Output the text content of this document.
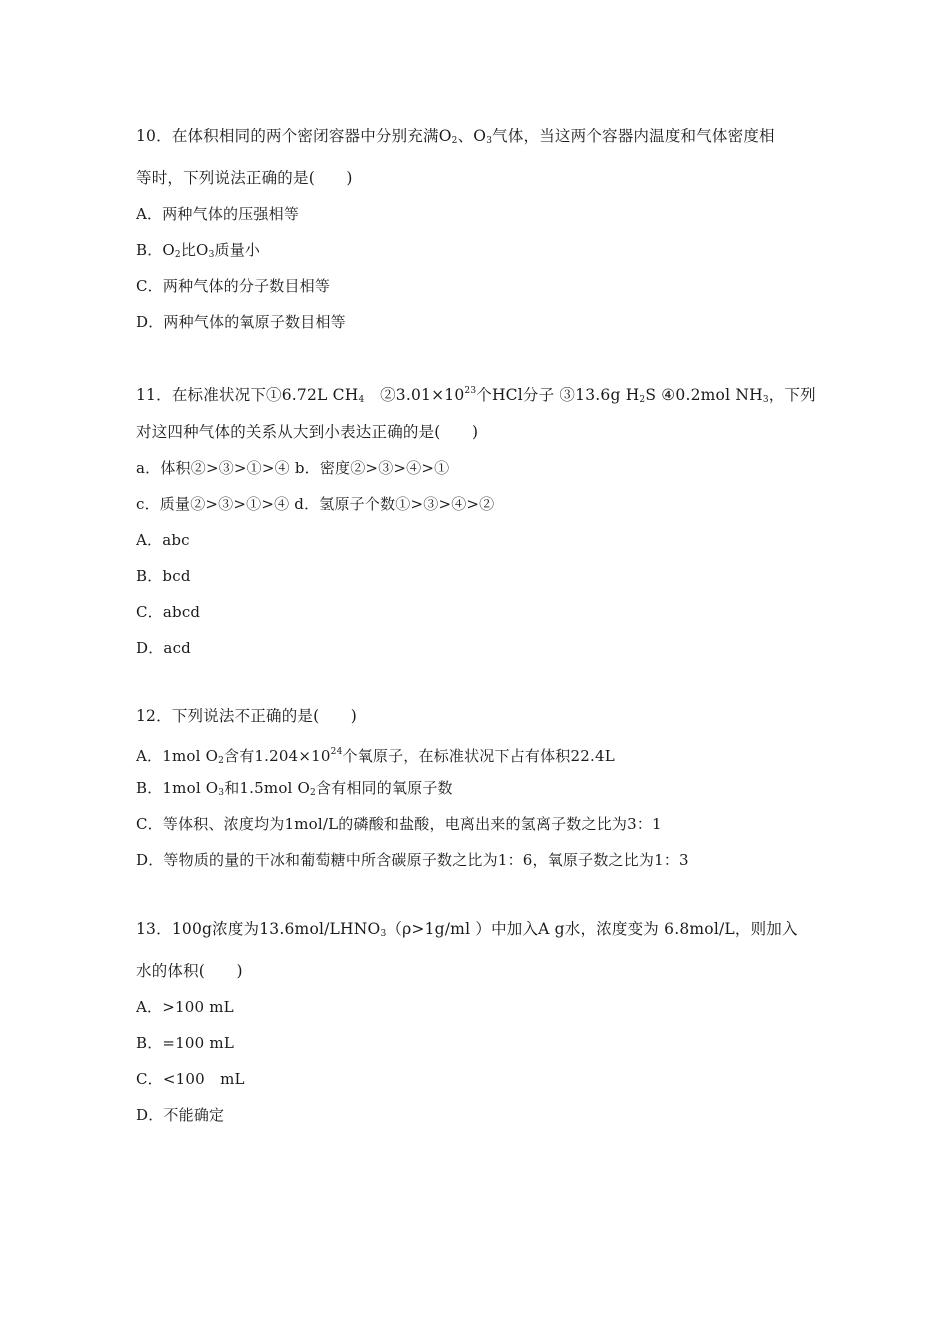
10．在体积相同的两个密闭容器中分别充满$O_2$、$O_3$气体，当这两个容器内温度和气体密度相
等时，下列说法正确的是(　　)
A．两种气体的压强相等
B．$O_2$比$O_3$质量小
C．两种气体的分子数目相等
D．两种气体的氧原子数目相等
11．在标准状况下①6.72L $CH_4$　$②3.01\times 10^{23}$个HCl分子 ③13.6g $H_2S$ ④0.2mol $NH_3$，下列
对这四种气体的关系从大到小表达正确的是(　　)
a．体积②>③>①>④ b．密度②>③>④>①
c．质量②>③>①>④ d．氢原子个数①>③>④>②
A．abc
B．bcd
C．abcd
D．acd
12．下列说法不正确的是(　　)
A．1mol $O_2$含有$1.204\times 10^{24}$个氧原子，在标准状况下占有体积22.4L
B．1mol $O_3$和1.5mol $O_2$含有相同的氧原子数
C．等体积、浓度均为1mol/L的磷酸和盐酸，电离出来的氢离子数之比为3：1
D．等物质的量的干冰和葡萄糖中所含碳原子数之比为1：6，氧原子数之比为1：3
13．100g浓度为$13.6mol/LHNO_3(\rho>1g/ml$ ）中加入A g水，浓度变为 6.8mol/L，则加入
水的体积(　　)
A．>100 mL
B．=100 mL
C．<100　mL
D．不能确定
